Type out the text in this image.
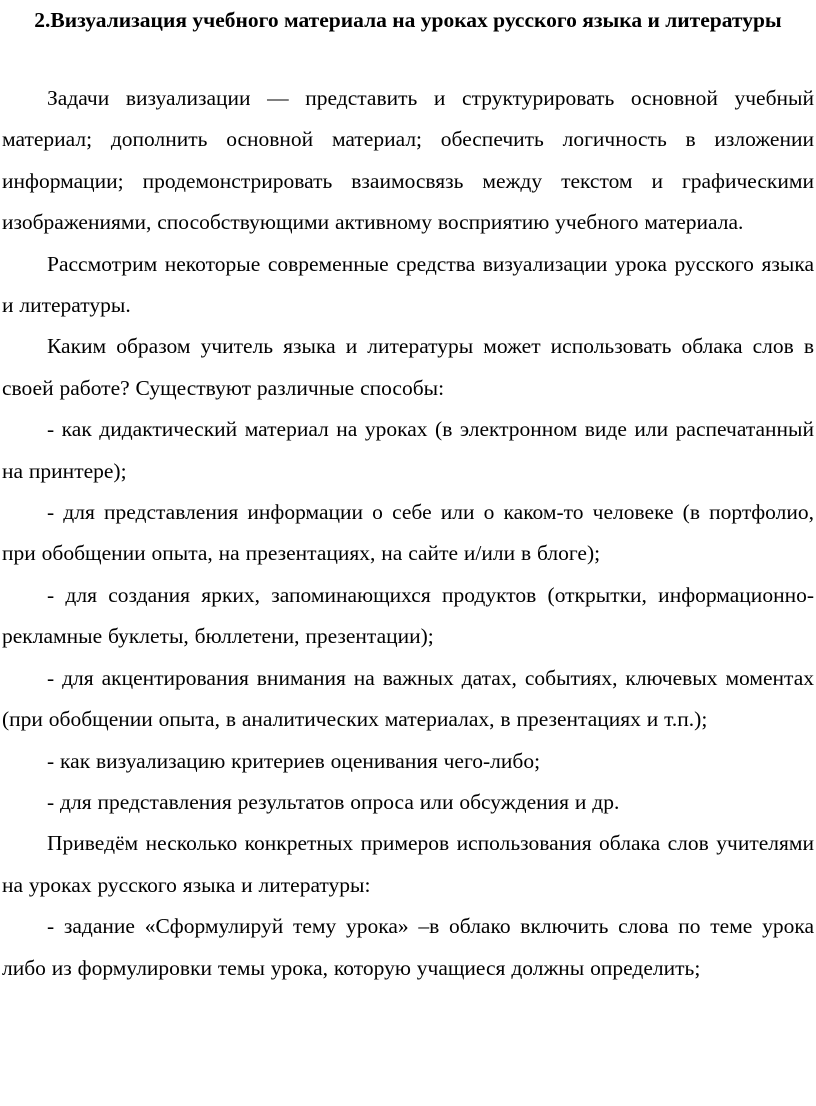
2.Визуализация учебного материала на уроках русского языка и литературы

Задачи визуализации — представить и структурировать основной учебный материал; дополнить основной материал; обеспечить логичность в изложении информации; продемонстрировать взаимосвязь между текстом и графическими изображениями, способствующими активному восприятию учебного материала.

Рассмотрим некоторые современные средства визуализации урока русского языка и литературы.

Каким образом учитель языка и литературы может использовать облака слов в своей работе? Существуют различные способы:

- как дидактический материал на уроках (в электронном виде или распечатанный на принтере);

- для представления информации о себе или о каком-то человеке (в портфолио, при обобщении опыта, на презентациях, на сайте и/или в блоге);

- для создания ярких, запоминающихся продуктов (открытки, информационно-рекламные буклеты, бюллетени, презентации);

- для акцентирования внимания на важных датах, событиях, ключевых моментах (при обобщении опыта, в аналитических материалах, в презентациях и т.п.);

- как визуализацию критериев оценивания чего-либо;

- для представления результатов опроса или обсуждения и др.

Приведём несколько конкретных примеров использования облака слов учителями на уроках русского языка и литературы:

- задание «Сформулируй тему урока» –в облако включить слова по теме урока либо из формулировки темы урока, которую учащиеся должны определить;
